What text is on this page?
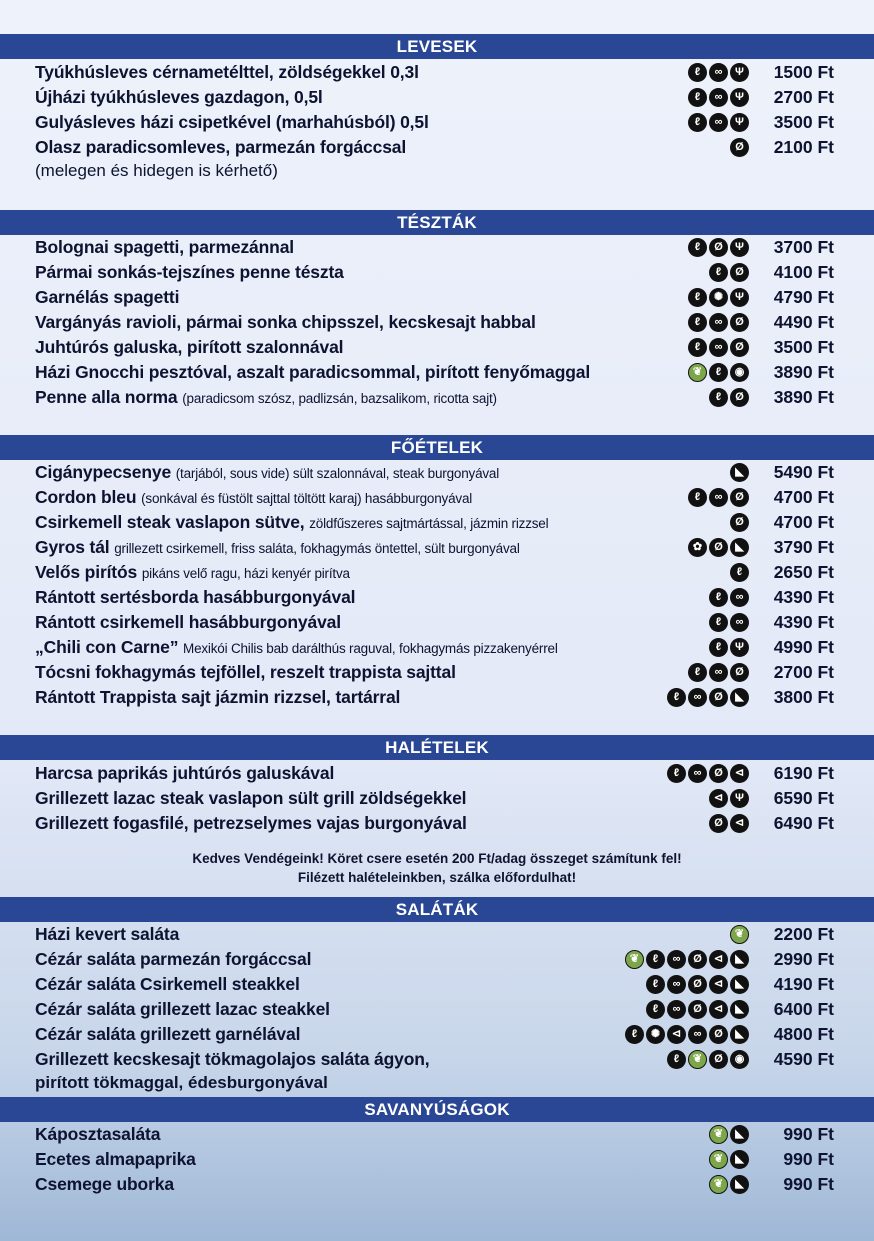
LEVESEK
Tyúkhúsleves cérnametélttel, zöldségekkel 0,3l	ℓ	∞	Ψ 1500 Ft
Újházi tyúkhúsleves gazdagon, 0,5l	ℓ	∞	Ψ 2700 Ft
Gulyásleves házi csipetkével (marhahúsból) 0,5l	ℓ	∞	Ψ 3500 Ft
Olasz paradicsomleves, parmezán forgáccsal
(melegen és hidegen is kérhető)
Ø 2100 Ft
TÉSZTÁK
Bolognai spagetti, parmezánnal	ℓ	Ø	Ψ 3700 Ft
Pármai sonkás-tejszínes penne tészta	ℓ	Ø 4100 Ft
Garnélás spagetti	ℓ	✺	Ψ 4790 Ft
Vargányás ravioli, pármai sonka chipsszel, kecskesajt habbal	ℓ	∞	Ø 4490 Ft
Juhtúrós galuska, pirított szalonnával	ℓ	∞	Ø 3500 Ft
Házi Gnocchi pesztóval, aszalt paradicsommal, pirított fenyőmaggal	❦	ℓ	◉ 3890 Ft
Penne alla norma (paradicsom szósz, padlizsán, bazsalikom, ricotta sajt)	ℓ	Ø 3890 Ft
FŐÉTELEK
Cigánypecsenye (tarjából, sous vide) sült szalonnával, steak burgonyával	◣	5490 Ft
Cordon bleu (sonkával és füstölt sajttal töltött karaj) hasábburgonyával	ℓ	∞	Ø 4700 Ft
Csirkemell steak vaslapon sütve, zöldfűszeres sajtmártással, jázmin rizzsel	Ø 4700 Ft
Gyros tál grillezett csirkemell, friss saláta, fokhagymás öntettel, sült burgonyával	✿	Ø	◣	3790 Ft
Velős pirítós pikáns velő ragu, házi kenyér pirítva	ℓ	2650 Ft
Rántott sertésborda hasábburgonyával	ℓ	∞	4390 Ft
Rántott csirkemell hasábburgonyával	ℓ	∞	4390 Ft
„Chili con Carne” Mexikói Chilis bab darálthús raguval, fokhagymás pizzakenyérrel	ℓ	Ψ 4990 Ft
Tócsni fokhagymás tejföllel, reszelt trappista sajttal	ℓ	∞	Ø 2700 Ft
Rántott Trappista sajt jázmin rizzsel, tartárral	ℓ	∞	Ø	◣	3800 Ft
HALÉTELEK
Harcsa paprikás juhtúrós galuskával	ℓ	∞	Ø	⊲ 6190 Ft
Grillezett lazac steak vaslapon sült grill zöldségekkel	⊲	Ψ 6590 Ft
Grillezett fogasfilé, petrezselymes vajas burgonyával	Ø	⊲ 6490 Ft
SALÁTÁK
Házi kevert saláta	❦ 2200 Ft
Cézár saláta parmezán forgáccsal	❦	ℓ	∞	Ø	⊲	◣	2990 Ft
Cézár saláta Csirkemell steakkel	ℓ	∞	Ø	⊲	◣	4190 Ft
Cézár saláta grillezett lazac steakkel	ℓ	∞	Ø	⊲	◣	6400 Ft
Cézár saláta grillezett garnélával	ℓ	✺	⊲	∞	Ø	◣	4800 Ft
Grillezett kecskesajt tökmagolajos saláta ágyon,
pirított tökmaggal, édesburgonyával
ℓ	❦	Ø	◉ 4590 Ft
SAVANYÚSÁGOK
Káposztasaláta	❦	◣	990 Ft
Ecetes almapaprika	❦	◣	990 Ft
Csemege uborka	❦	◣	990 Ft
Kedves Vendégeink! Köret csere esetén 200 Ft/adag összeget számítunk fel!
Filézett halételeinkben, szálka előfordulhat!
